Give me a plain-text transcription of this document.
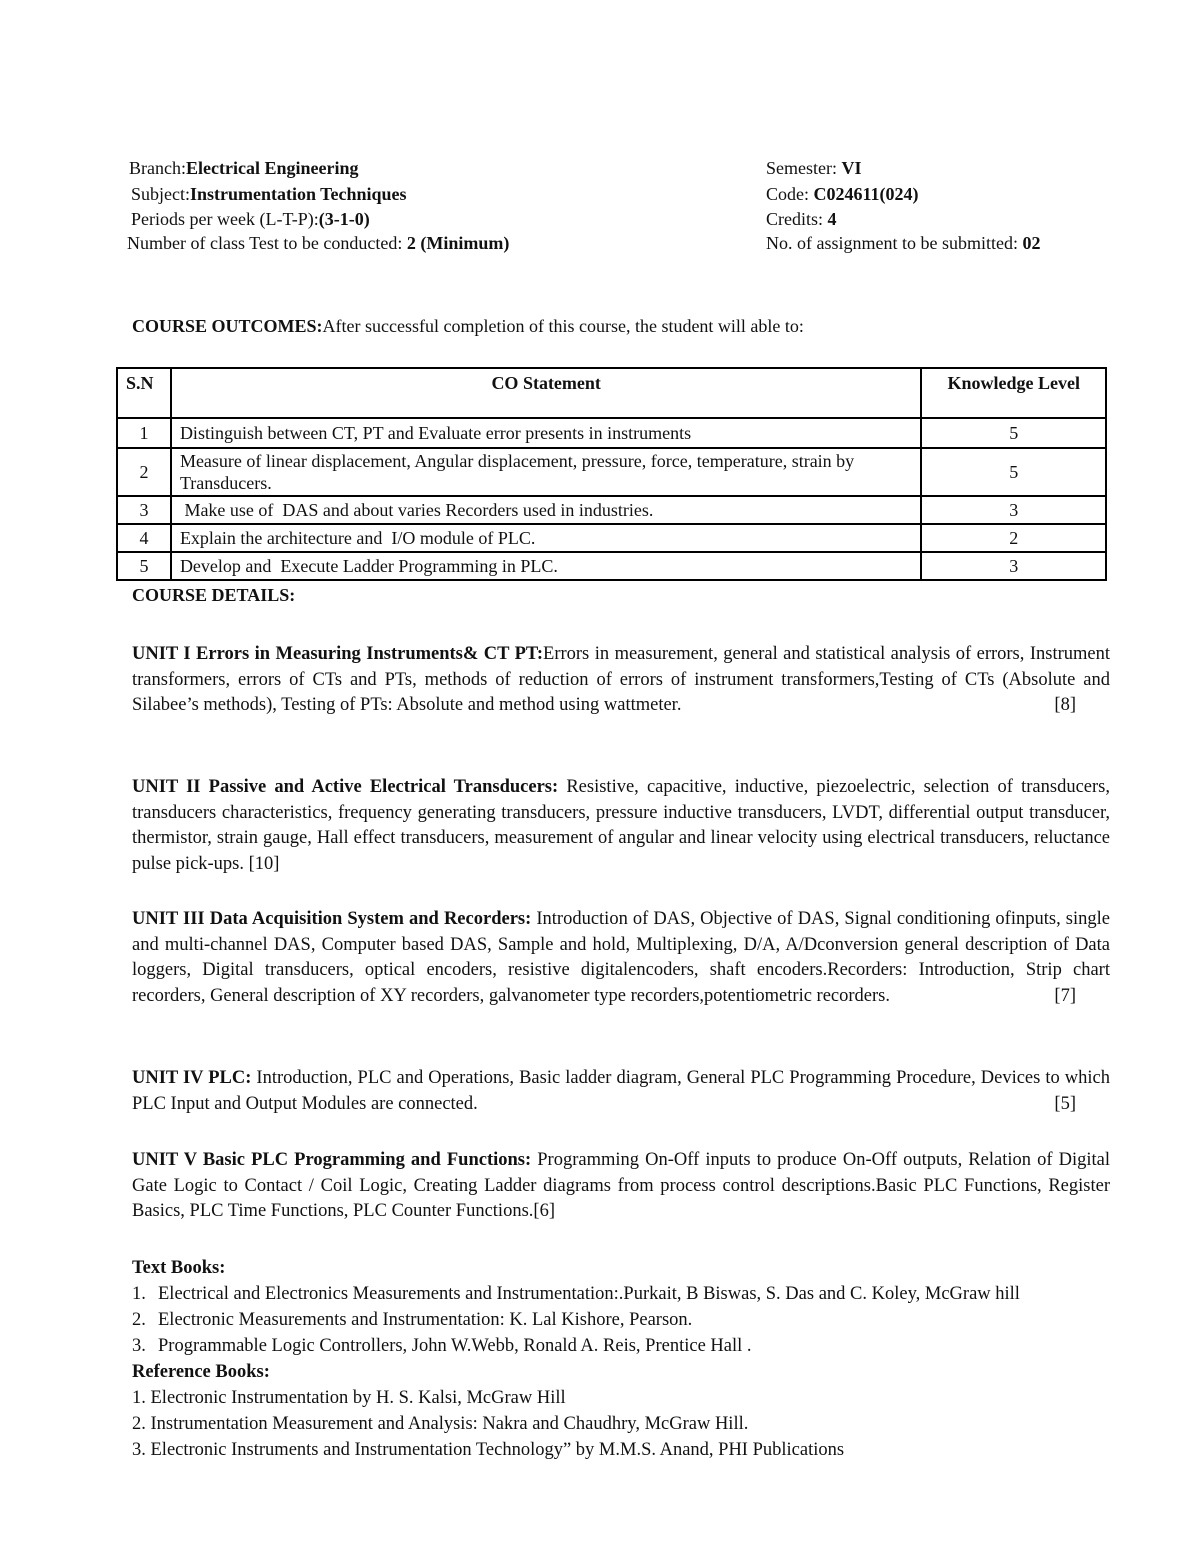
Branch:Electrical Engineering
Subject:Instrumentation Techniques
Periods per week (L-T-P):(3-1-0)
Number of class Test to be conducted: 2 (Minimum)
Semester: VI
Code: C024611(024)
Credits: 4
No. of assignment to be submitted: 02
COURSE OUTCOMES:After successful completion of this course, the student will able to:
S.N	CO Statement	Knowledge Level
1	Distinguish between CT, PT and Evaluate error presents in instruments	5
2	Measure of linear displacement, Angular displacement, pressure, force, temperature, strain by Transducers.	5
3	Make use of  DAS and about varies Recorders used in industries.	3
4	Explain the architecture and  I/O module of PLC.	2
5	Develop and  Execute Ladder Programming in PLC.	3
COURSE DETAILS:
UNIT I Errors in Measuring Instruments& CT PT:Errors in measurement, general and statistical analysis of errors, Instrument transformers, errors of CTs and PTs, methods of reduction of errors of instrument transformers,Testing of CTs (Absolute and Silabee’s methods), Testing of PTs: Absolute and method using wattmeter.	[8]
UNIT II Passive and Active Electrical Transducers: Resistive, capacitive, inductive, piezoelectric, selection of transducers, transducers characteristics, frequency generating transducers, pressure inductive transducers, LVDT, differential output transducer, thermistor, strain gauge, Hall effect transducers, measurement of angular and linear velocity using electrical transducers, reluctance pulse pick-ups. [10]
UNIT III Data Acquisition System and Recorders: Introduction of DAS, Objective of DAS, Signal conditioning ofinputs, single and multi-channel DAS, Computer based DAS, Sample and hold, Multiplexing, D/A, A/Dconversion general description of Data loggers, Digital transducers, optical encoders, resistive digitalencoders, shaft encoders.Recorders: Introduction, Strip chart recorders, General description of XY recorders, galvanometer type recorders,potentiometric recorders.	[7]
UNIT IV PLC: Introduction, PLC and Operations, Basic ladder diagram, General PLC Programming Procedure, Devices to which PLC Input and Output Modules are connected.	[5]
UNIT V Basic PLC Programming and Functions: Programming On-Off inputs to produce On-Off outputs, Relation of Digital Gate Logic to Contact / Coil Logic, Creating Ladder diagrams from process control descriptions.Basic PLC Functions, Register Basics, PLC Time Functions, PLC Counter Functions.[6]
Text Books:
1. Electrical and Electronics Measurements and Instrumentation:.Purkait, B Biswas, S. Das and C. Koley, McGraw hill
2. Electronic Measurements and Instrumentation: K. Lal Kishore, Pearson.
3. Programmable Logic Controllers, John W.Webb, Ronald A. Reis, Prentice Hall .
Reference Books:
1. Electronic Instrumentation by H. S. Kalsi, McGraw Hill
2. Instrumentation Measurement and Analysis: Nakra and Chaudhry, McGraw Hill.
3. Electronic Instruments and Instrumentation Technology” by M.M.S. Anand, PHI Publications
